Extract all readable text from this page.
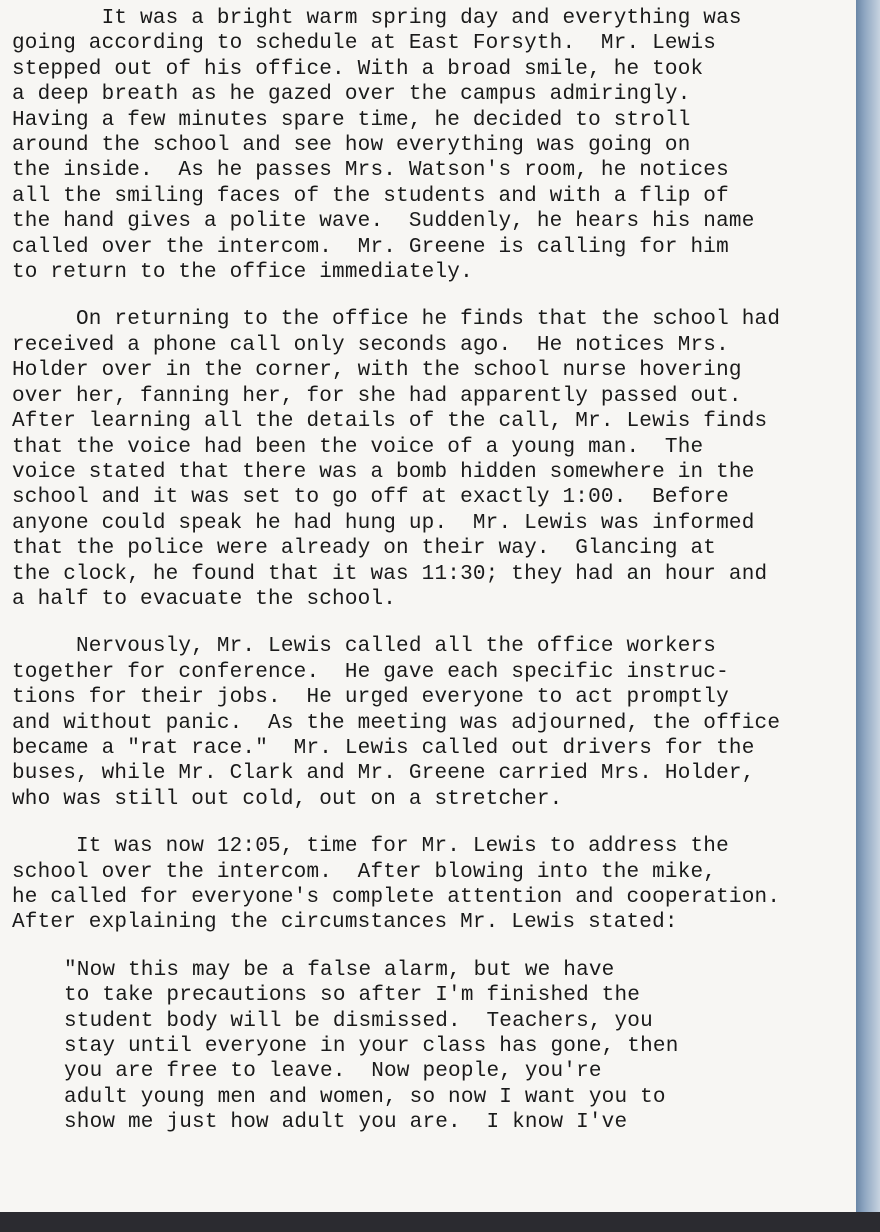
It was a bright warm spring day and everything was
going according to schedule at East Forsyth.  Mr. Lewis
stepped out of his office. With a broad smile, he took
a deep breath as he gazed over the campus admiringly.
Having a few minutes spare time, he decided to stroll
around the school and see how everything was going on
the inside.  As he passes Mrs. Watson's room, he notices
all the smiling faces of the students and with a flip of
the hand gives a polite wave.  Suddenly, he hears his name
called over the intercom.  Mr. Greene is calling for him
to return to the office immediately.
On returning to the office he finds that the school had
received a phone call only seconds ago.  He notices Mrs.
Holder over in the corner, with the school nurse hovering
over her, fanning her, for she had apparently passed out.
After learning all the details of the call, Mr. Lewis finds
that the voice had been the voice of a young man.  The
voice stated that there was a bomb hidden somewhere in the
school and it was set to go off at exactly 1:00.  Before
anyone could speak he had hung up.  Mr. Lewis was informed
that the police were already on their way.  Glancing at
the clock, he found that it was 11:30; they had an hour and
a half to evacuate the school.
Nervously, Mr. Lewis called all the office workers
together for conference.  He gave each specific instruc-
tions for their jobs.  He urged everyone to act promptly
and without panic.  As the meeting was adjourned, the office
became a "rat race."  Mr. Lewis called out drivers for the
buses, while Mr. Clark and Mr. Greene carried Mrs. Holder,
who was still out cold, out on a stretcher.
It was now 12:05, time for Mr. Lewis to address the
school over the intercom.  After blowing into the mike,
he called for everyone's complete attention and cooperation.
After explaining the circumstances Mr. Lewis stated:
"Now this may be a false alarm, but we have
to take precautions so after I'm finished the
student body will be dismissed.  Teachers, you
stay until everyone in your class has gone, then
you are free to leave.  Now people, you're
adult young men and women, so now I want you to
show me just how adult you are.  I know I've
